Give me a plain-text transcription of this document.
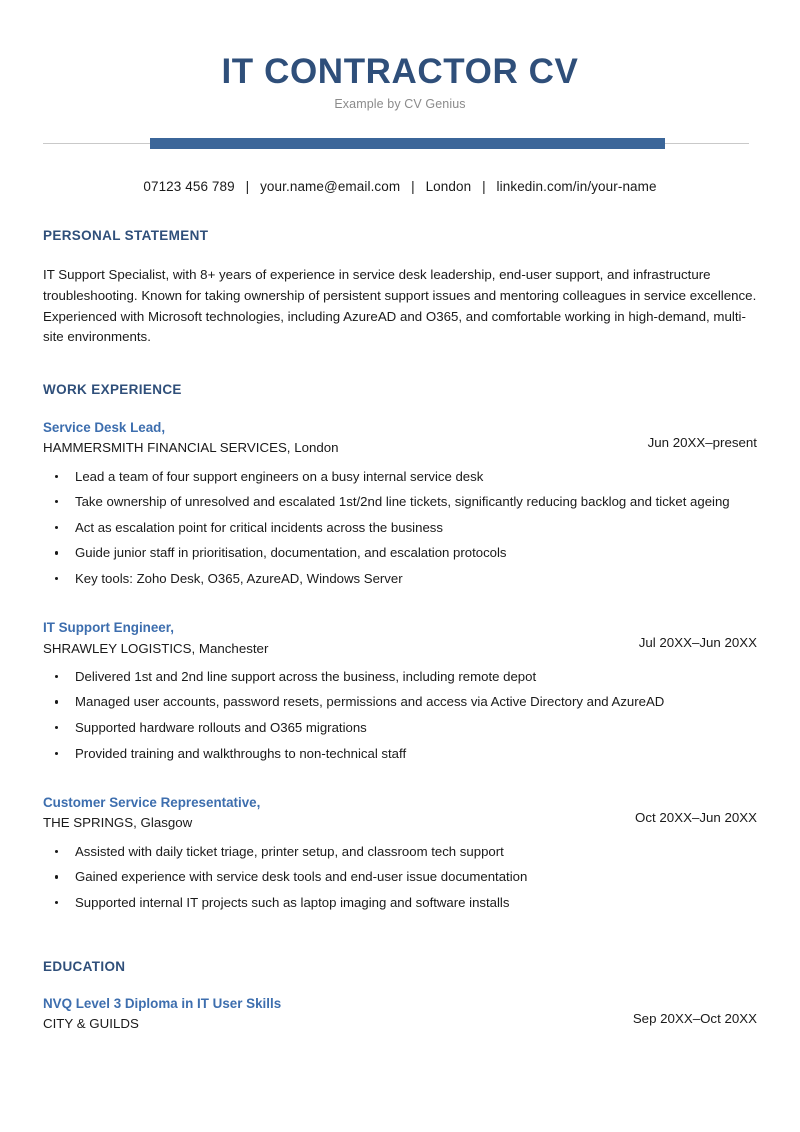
IT CONTRACTOR CV

Example by CV Genius

07123 456 789 | your.name@email.com | London | linkedin.com/in/your-name
PERSONAL STATEMENT

IT Support Specialist, with 8+ years of experience in service desk leadership, end-user support, and infrastructure troubleshooting. Known for taking ownership of persistent support issues and mentoring colleagues in service excellence. Experienced with Microsoft technologies, including AzureAD and O365, and comfortable working in high-demand, multi-site environments.

WORK EXPERIENCE
Service Desk Lead,
HAMMERSMITH FINANCIAL SERVICES, London	Jun 20XX–present
Lead a team of four support engineers on a busy internal service desk
Take ownership of unresolved and escalated 1st/2nd line tickets, significantly reducing backlog and ticket ageing
Act as escalation point for critical incidents across the business
Guide junior staff in prioritisation, documentation, and escalation protocols
Key tools: Zoho Desk, O365, AzureAD, Windows Server
IT Support Engineer,
SHRAWLEY LOGISTICS, Manchester	Jul 20XX–Jun 20XX
Delivered 1st and 2nd line support across the business, including remote depot
Managed user accounts, password resets, permissions and access via Active Directory and AzureAD
Supported hardware rollouts and O365 migrations
Provided training and walkthroughs to non-technical staff
Customer Service Representative,
THE SPRINGS, Glasgow	Oct 20XX–Jun 20XX
Assisted with daily ticket triage, printer setup, and classroom tech support
Gained experience with service desk tools and end-user issue documentation
Supported internal IT projects such as laptop imaging and software installs
EDUCATION
NVQ Level 3 Diploma in IT User Skills
CITY & GUILDS	Sep 20XX–Oct 20XX
